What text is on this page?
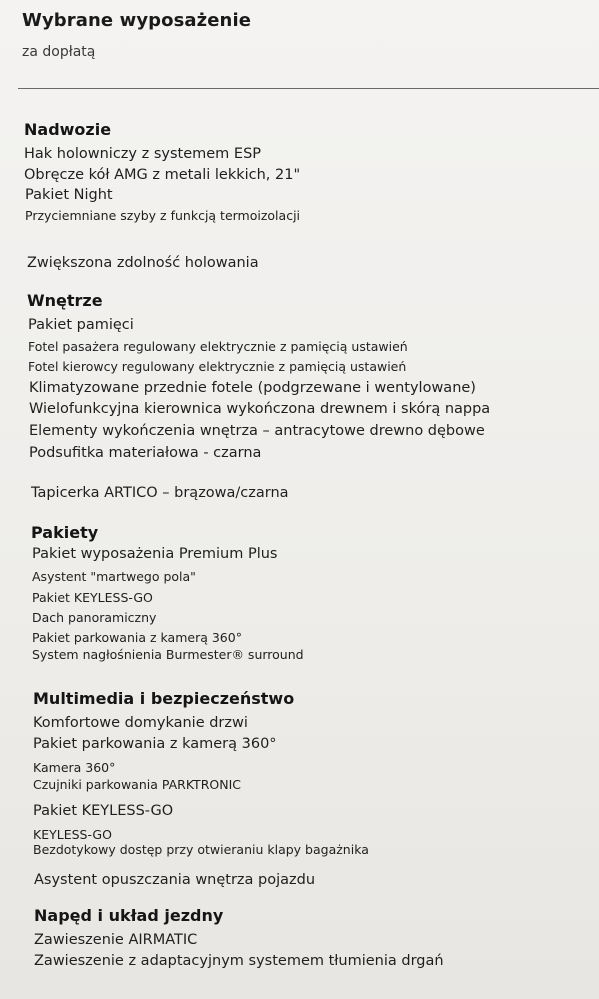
Wybrane wyposażenie
za dopłatą
Nadwozie
Hak holowniczy z systemem ESP
Obręcze kół AMG z metali lekkich, 21"
Pakiet Night
Przyciemniane szyby z funkcją termoizolacji
Zwiększona zdolność holowania
Wnętrze
Pakiet pamięci
Fotel pasażera regulowany elektrycznie z pamięcią ustawień
Fotel kierowcy regulowany elektrycznie z pamięcią ustawień
Klimatyzowane przednie fotele (podgrzewane i wentylowane)
Wielofunkcyjna kierownica wykończona drewnem i skórą nappa
Elementy wykończenia wnętrza – antracytowe drewno dębowe
Podsufitka materiałowa - czarna
Tapicerka ARTICO – brązowa/czarna
Pakiety
Pakiet wyposażenia Premium Plus
Asystent "martwego pola"
Pakiet KEYLESS-GO
Dach panoramiczny
Pakiet parkowania z kamerą 360°
System nagłośnienia Burmester® surround
Multimedia i bezpieczeństwo
Komfortowe domykanie drzwi
Pakiet parkowania z kamerą 360°
Kamera 360°
Czujniki parkowania PARKTRONIC
Pakiet KEYLESS-GO
KEYLESS-GO
Bezdotykowy dostęp przy otwieraniu klapy bagażnika
Asystent opuszczania wnętrza pojazdu
Napęd i układ jezdny
Zawieszenie AIRMATIC
Zawieszenie z adaptacyjnym systemem tłumienia drgań
